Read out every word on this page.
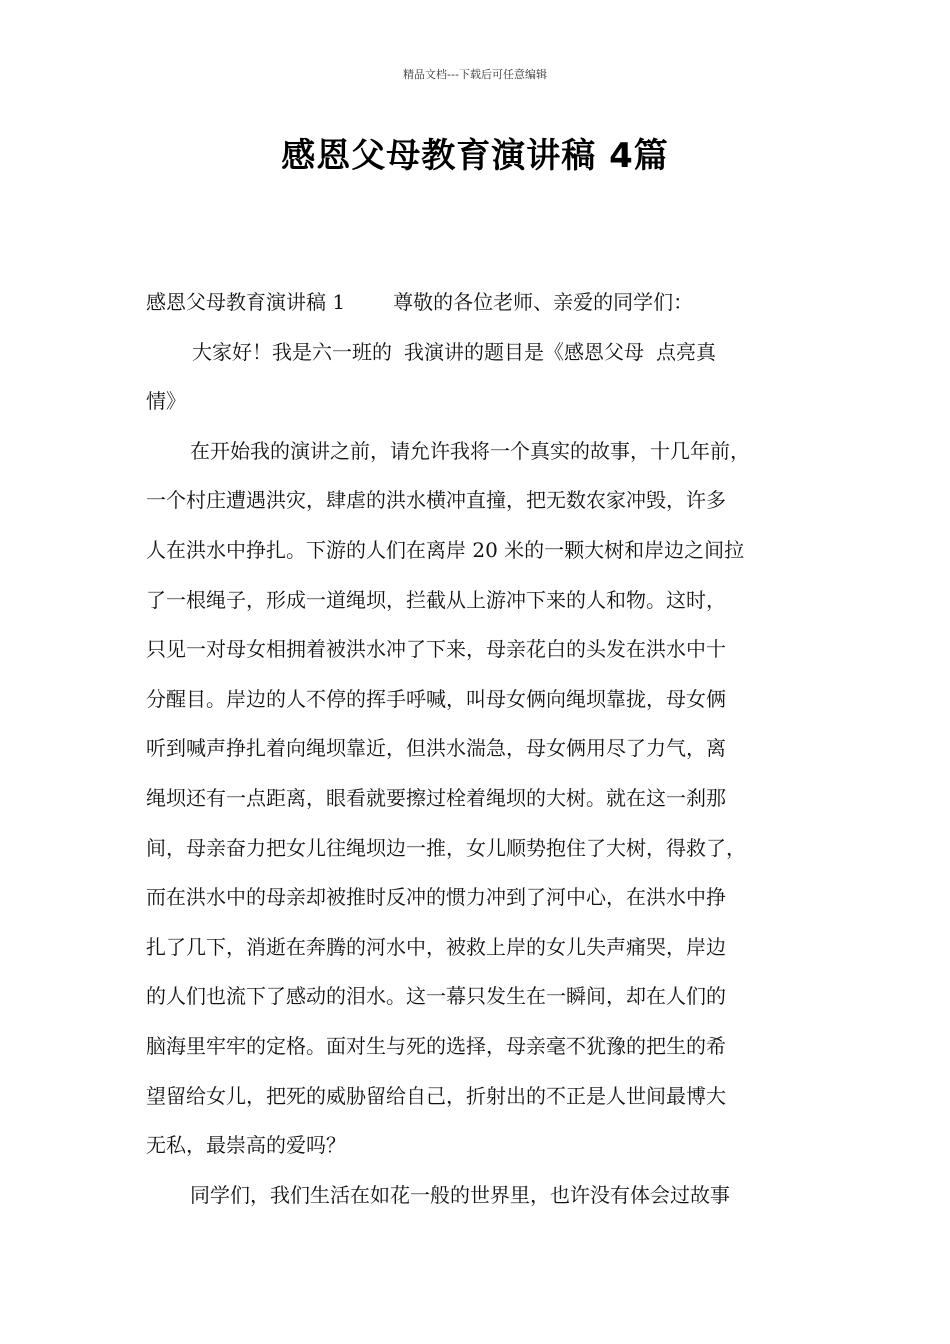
精品文档---下载后可任意编辑
感恩父母教育演讲稿 4篇
感恩父母教育演讲稿 1 尊敬的各位老师、亲爱的同学们：
大家好！我是六一班的 我演讲的题目是《感恩父母 点亮真
情》
在开始我的演讲之前，请允许我将一个真实的故事，十几年前，
一个村庄遭遇洪灾，肆虐的洪水横冲直撞，把无数农家冲毁，许多
人在洪水中挣扎。下游的人们在离岸 20 米的一颗大树和岸边之间拉
了一根绳子，形成一道绳坝，拦截从上游冲下来的人和物。这时，
只见一对母女相拥着被洪水冲了下来，母亲花白的头发在洪水中十
分醒目。岸边的人不停的挥手呼喊，叫母女俩向绳坝靠拢，母女俩
听到喊声挣扎着向绳坝靠近，但洪水湍急，母女俩用尽了力气，离
绳坝还有一点距离，眼看就要擦过栓着绳坝的大树。就在这一刹那
间，母亲奋力把女儿往绳坝边一推，女儿顺势抱住了大树，得救了，
而在洪水中的母亲却被推时反冲的惯力冲到了河中心，在洪水中挣
扎了几下，消逝在奔腾的河水中，被救上岸的女儿失声痛哭，岸边
的人们也流下了感动的泪水。这一幕只发生在一瞬间，却在人们的
脑海里牢牢的定格。面对生与死的选择，母亲毫不犹豫的把生的希
望留给女儿，把死的威胁留给自己，折射出的不正是人世间最博大
无私，最崇高的爱吗？
同学们，我们生活在如花一般的世界里，也许没有体会过故事
